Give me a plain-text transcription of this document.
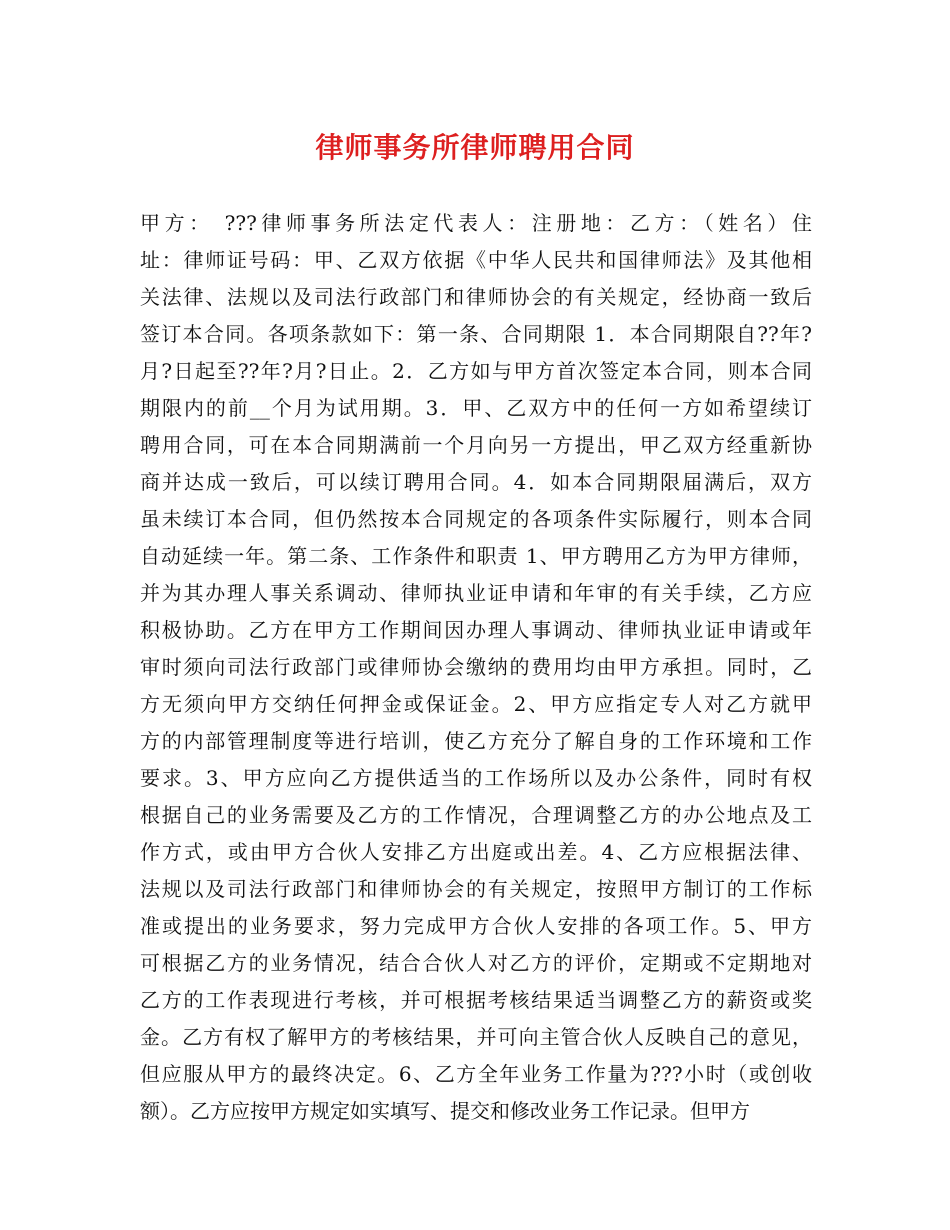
律师事务所律师聘用合同
甲方： ???律师事务所法定代表人：注册地：乙方：（姓名）住
址：律师证号码：甲、乙双方依据《中华人民共和国律师法》及其他相
关法律、法规以及司法行政部门和律师协会的有关规定，经协商一致后
签订本合同。各项条款如下：第一条、合同期限 1．本合同期限自??年?
月?日起至??年?月?日止。2．乙方如与甲方首次签定本合同，则本合同
期限内的前__个月为试用期。3．甲、乙双方中的任何一方如希望续订
聘用合同，可在本合同期满前一个月向另一方提出，甲乙双方经重新协
商并达成一致后，可以续订聘用合同。4．如本合同期限届满后，双方
虽未续订本合同，但仍然按本合同规定的各项条件实际履行，则本合同
自动延续一年。第二条、工作条件和职责 1、甲方聘用乙方为甲方律师，
并为其办理人事关系调动、律师执业证申请和年审的有关手续，乙方应
积极协助。乙方在甲方工作期间因办理人事调动、律师执业证申请或年
审时须向司法行政部门或律师协会缴纳的费用均由甲方承担。同时，乙
方无须向甲方交纳任何押金或保证金。2、甲方应指定专人对乙方就甲
方的内部管理制度等进行培训，使乙方充分了解自身的工作环境和工作
要求。3、甲方应向乙方提供适当的工作场所以及办公条件，同时有权
根据自己的业务需要及乙方的工作情况，合理调整乙方的办公地点及工
作方式，或由甲方合伙人安排乙方出庭或出差。4、乙方应根据法律、
法规以及司法行政部门和律师协会的有关规定，按照甲方制订的工作标
准或提出的业务要求，努力完成甲方合伙人安排的各项工作。5、甲方
可根据乙方的业务情况，结合合伙人对乙方的评价，定期或不定期地对
乙方的工作表现进行考核，并可根据考核结果适当调整乙方的薪资或奖
金。乙方有权了解甲方的考核结果，并可向主管合伙人反映自己的意见，
但应服从甲方的最终决定。6、乙方全年业务工作量为???小时（或创收
额）。乙方应按甲方规定如实填写、提交和修改业务工作记录。但甲方
